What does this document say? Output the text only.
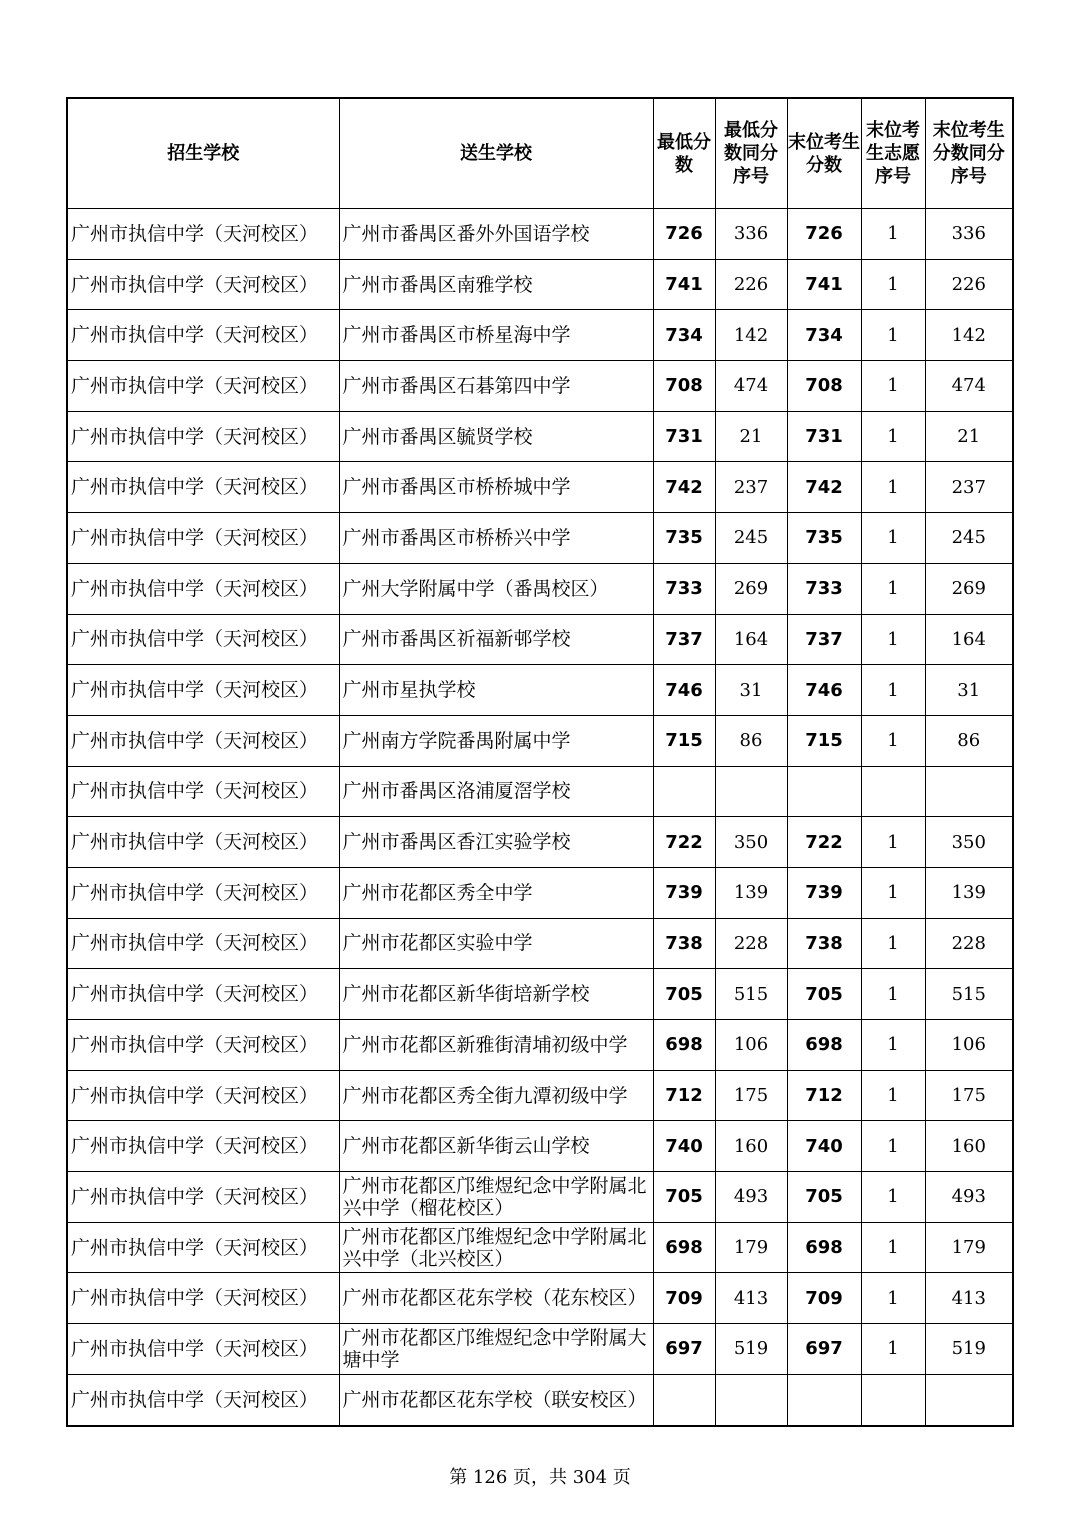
招生学校	送生学校	最低分数	最低分数同分序号	末位考生分数	末位考生志愿序号	末位考生分数同分序号
广州市执信中学（天河校区）	广州市番禺区番外外国语学校	726	336	726	1	336
广州市执信中学（天河校区）	广州市番禺区南雅学校	741	226	741	1	226
广州市执信中学（天河校区）	广州市番禺区市桥星海中学	734	142	734	1	142
广州市执信中学（天河校区）	广州市番禺区石碁第四中学	708	474	708	1	474
广州市执信中学（天河校区）	广州市番禺区毓贤学校	731	21	731	1	21
广州市执信中学（天河校区）	广州市番禺区市桥桥城中学	742	237	742	1	237
广州市执信中学（天河校区）	广州市番禺区市桥桥兴中学	735	245	735	1	245
广州市执信中学（天河校区）	广州大学附属中学（番禺校区）	733	269	733	1	269
广州市执信中学（天河校区）	广州市番禺区祈福新邨学校	737	164	737	1	164
广州市执信中学（天河校区）	广州市星执学校	746	31	746	1	31
广州市执信中学（天河校区）	广州南方学院番禺附属中学	715	86	715	1	86
广州市执信中学（天河校区）	广州市番禺区洛浦厦滘学校					
广州市执信中学（天河校区）	广州市番禺区香江实验学校	722	350	722	1	350
广州市执信中学（天河校区）	广州市花都区秀全中学	739	139	739	1	139
广州市执信中学（天河校区）	广州市花都区实验中学	738	228	738	1	228
广州市执信中学（天河校区）	广州市花都区新华街培新学校	705	515	705	1	515
广州市执信中学（天河校区）	广州市花都区新雅街清埔初级中学	698	106	698	1	106
广州市执信中学（天河校区）	广州市花都区秀全街九潭初级中学	712	175	712	1	175
广州市执信中学（天河校区）	广州市花都区新华街云山学校	740	160	740	1	160
广州市执信中学（天河校区）	广州市花都区邝维煜纪念中学附属北兴中学（榴花校区）	705	493	705	1	493
广州市执信中学（天河校区）	广州市花都区邝维煜纪念中学附属北兴中学（北兴校区）	698	179	698	1	179
广州市执信中学（天河校区）	广州市花都区花东学校（花东校区）	709	413	709	1	413
广州市执信中学（天河校区）	广州市花都区邝维煜纪念中学附属大塘中学	697	519	697	1	519
广州市执信中学（天河校区）	广州市花都区花东学校（联安校区）					
第 126 页，共 304 页
